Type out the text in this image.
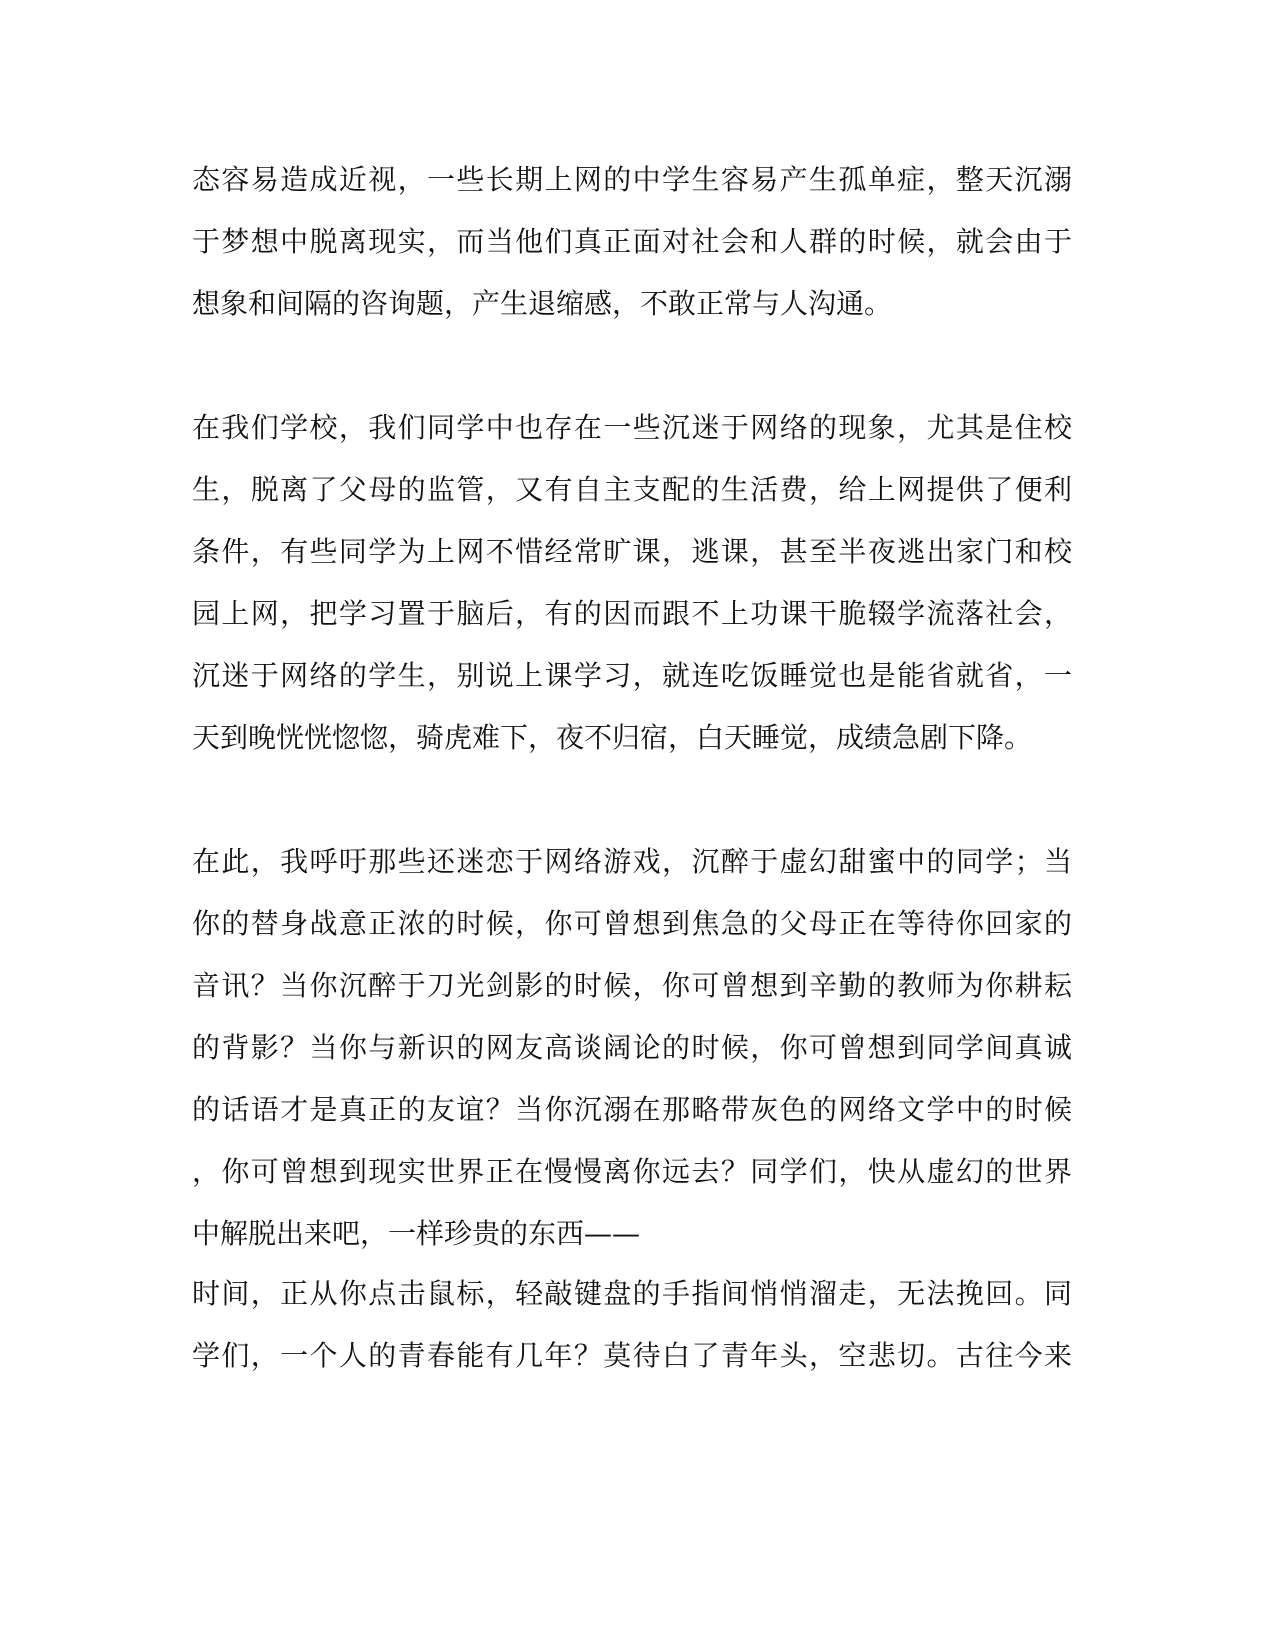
态容易造成近视，一些长期上网的中学生容易产生孤单症，整天沉溺

于梦想中脱离现实，而当他们真正面对社会和人群的时候，就会由于

想象和间隔的咨询题，产生退缩感，不敢正常与人沟通。

在我们学校，我们同学中也存在一些沉迷于网络的现象，尤其是住校

生，脱离了父母的监管，又有自主支配的生活费，给上网提供了便利

条件，有些同学为上网不惜经常旷课，逃课，甚至半夜逃出家门和校

园上网，把学习置于脑后，有的因而跟不上功课干脆辍学流落社会，

沉迷于网络的学生，别说上课学习，就连吃饭睡觉也是能省就省，一

天到晚恍恍惚惚，骑虎难下，夜不归宿，白天睡觉，成绩急剧下降。

在此，我呼吁那些还迷恋于网络游戏，沉醉于虚幻甜蜜中的同学；当

你的替身战意正浓的时候，你可曾想到焦急的父母正在等待你回家的

音讯？当你沉醉于刀光剑影的时候，你可曾想到辛勤的教师为你耕耘

的背影？当你与新识的网友高谈阔论的时候，你可曾想到同学间真诚

的话语才是真正的友谊？当你沉溺在那略带灰色的网络文学中的时候

，你可曾想到现实世界正在慢慢离你远去？同学们，快从虚幻的世界

中解脱出来吧，一样珍贵的东西——

时间，正从你点击鼠标，轻敲键盘的手指间悄悄溜走，无法挽回。同

学们，一个人的青春能有几年？莫待白了青年头，空悲切。古往今来
